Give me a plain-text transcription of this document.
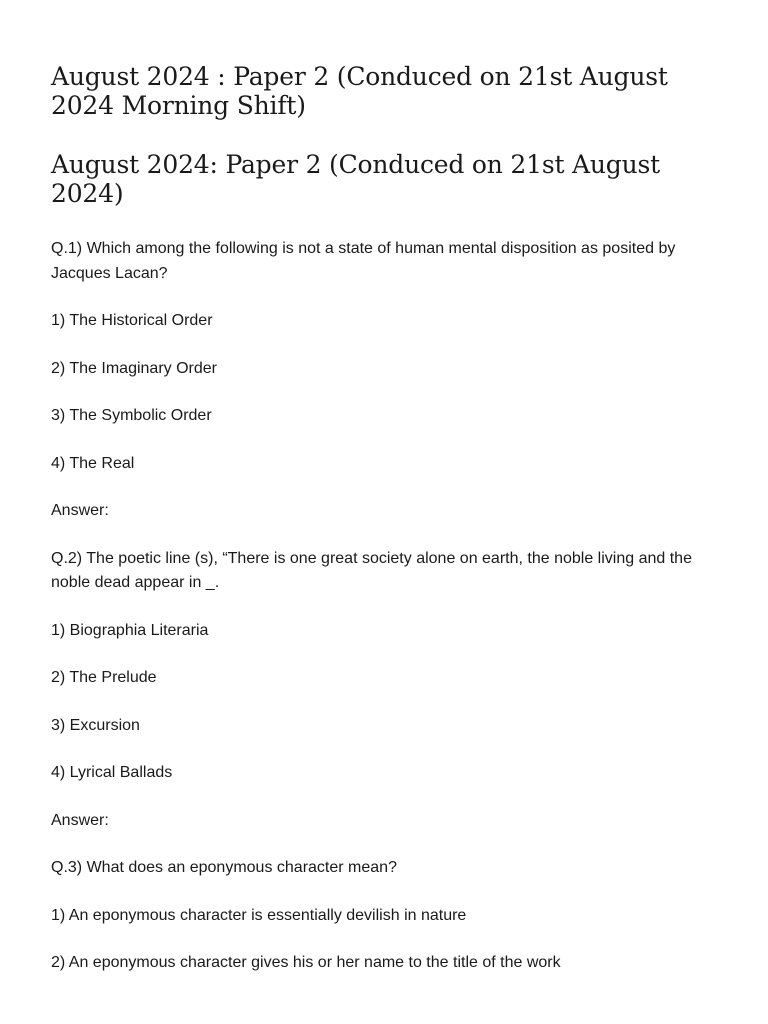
August 2024 : Paper 2 (Conduced on 21st August 2024 Morning Shift)
August 2024: Paper 2 (Conduced on 21st August 2024)

Q.1) Which among the following is not a state of human mental disposition as posited by Jacques Lacan?

1) The Historical Order

2) The Imaginary Order

3) The Symbolic Order

4) The Real

Answer:

Q.2) The poetic line (s), “There is one great society alone on earth, the noble living and the noble dead appear in _.

1) Biographia Literaria

2) The Prelude

3) Excursion

4) Lyrical Ballads

Answer:

Q.3) What does an eponymous character mean?

1) An eponymous character is essentially devilish in nature

2) An eponymous character gives his or her name to the title of the work
